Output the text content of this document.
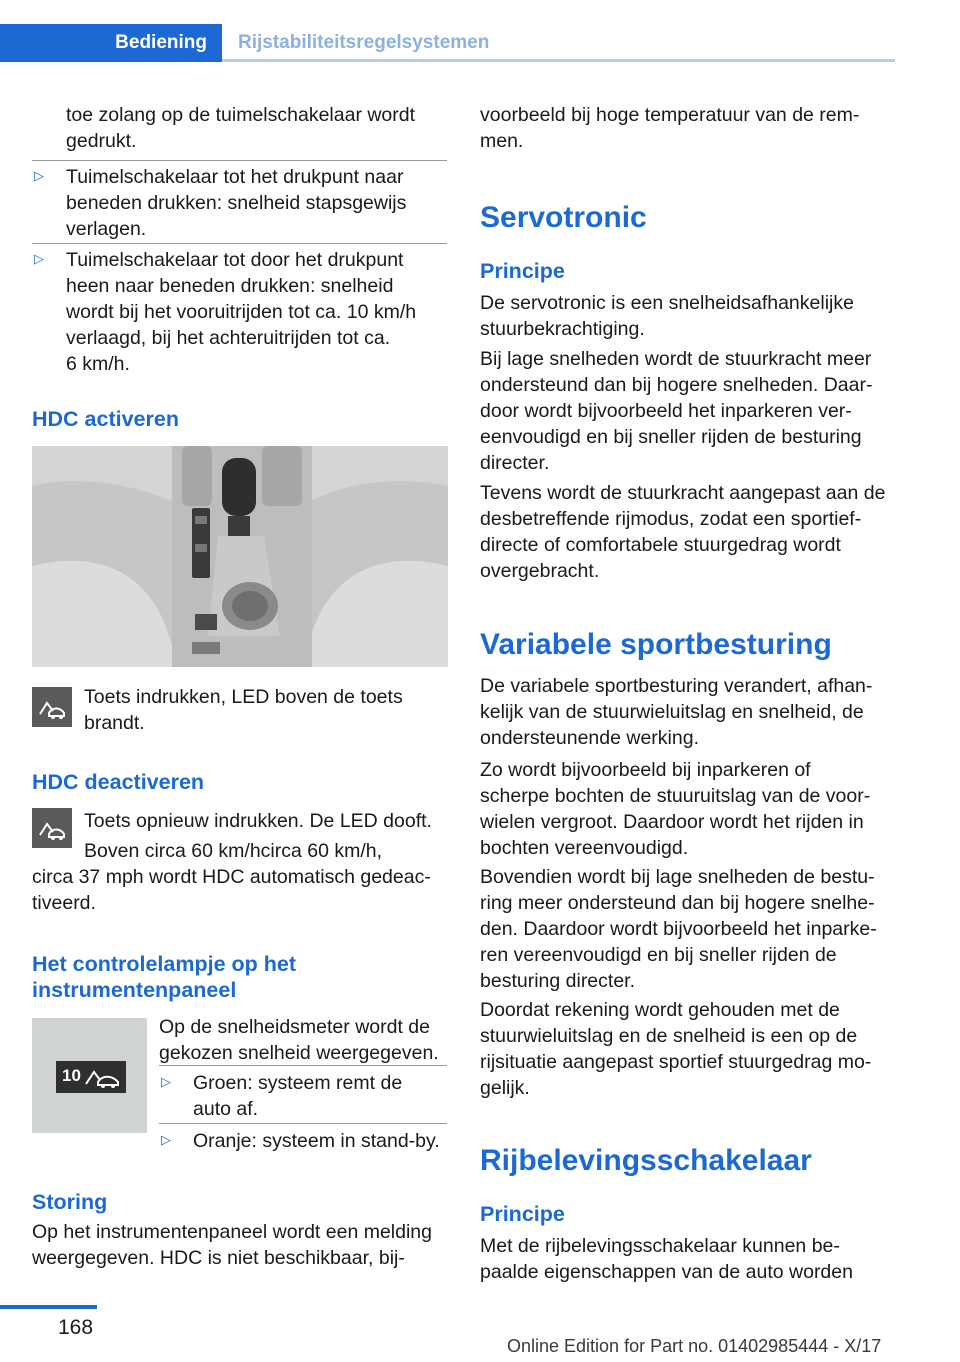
Bediening	Rijstabiliteitsregelsystemen

toe zolang op de tuimelschakelaar wordt

gedrukt.

▷ Tuimelschakelaar tot het drukpunt naar

beneden drukken: snelheid stapsgewijs

verlagen.

▷ Tuimelschakelaar tot door het drukpunt

heen naar beneden drukken: snelheid

wordt bij het vooruitrijden tot ca. 10 km/h

verlaagd, bij het achteruitrijden tot ca.

6 km/h.

HDC activeren

Toets indrukken, LED boven de toets

brandt.

HDC deactiveren

Toets opnieuw indrukken. De LED dooft.

Boven circa 60 km/hcirca 60 km/h,

circa 37 mph wordt HDC automatisch gedeac‐

tiveerd.

Het controlelampje op het
instrumentenpaneel
10

Op de snelheidsmeter wordt de

gekozen snelheid weergegeven.

▷ Groen: systeem remt de

auto af.

▷ Oranje: systeem in stand-by.

Storing

Op het instrumentenpaneel wordt een melding

weergegeven. HDC is niet beschikbaar, bij‐

voorbeeld bij hoge temperatuur van de rem‐

men.

Servotronic
Principe

De servotronic is een snelheidsafhankelijke

stuurbekrachtiging.

Bij lage snelheden wordt de stuurkracht meer

ondersteund dan bij hogere snelheden. Daar‐

door wordt bijvoorbeeld het inparkeren ver‐

eenvoudigd en bij sneller rijden de besturing

directer.

Tevens wordt de stuurkracht aangepast aan de

desbetreffende rijmodus, zodat een sportief-

directe of comfortabele stuurgedrag wordt

overgebracht.

Variabele sportbesturing

De variabele sportbesturing verandert, afhan‐

kelijk van de stuurwieluitslag en snelheid, de

ondersteunende werking.

Zo wordt bijvoorbeeld bij inparkeren of

scherpe bochten de stuuruitslag van de voor‐

wielen vergroot. Daardoor wordt het rijden in

bochten vereenvoudigd.

Bovendien wordt bij lage snelheden de bestu‐

ring meer ondersteund dan bij hogere snelhe‐

den. Daardoor wordt bijvoorbeeld het inparke‐

ren vereenvoudigd en bij sneller rijden de

besturing directer.

Doordat rekening wordt gehouden met de

stuurwieluitslag en de snelheid is een op de

rijsituatie aangepast sportief stuurgedrag mo‐

gelijk.

Rijbelevingsschakelaar
Principe

Met de rijbelevingsschakelaar kunnen be‐

paalde eigenschappen van de auto worden

168
Online Edition for Part no. 01402985444 - X/17
